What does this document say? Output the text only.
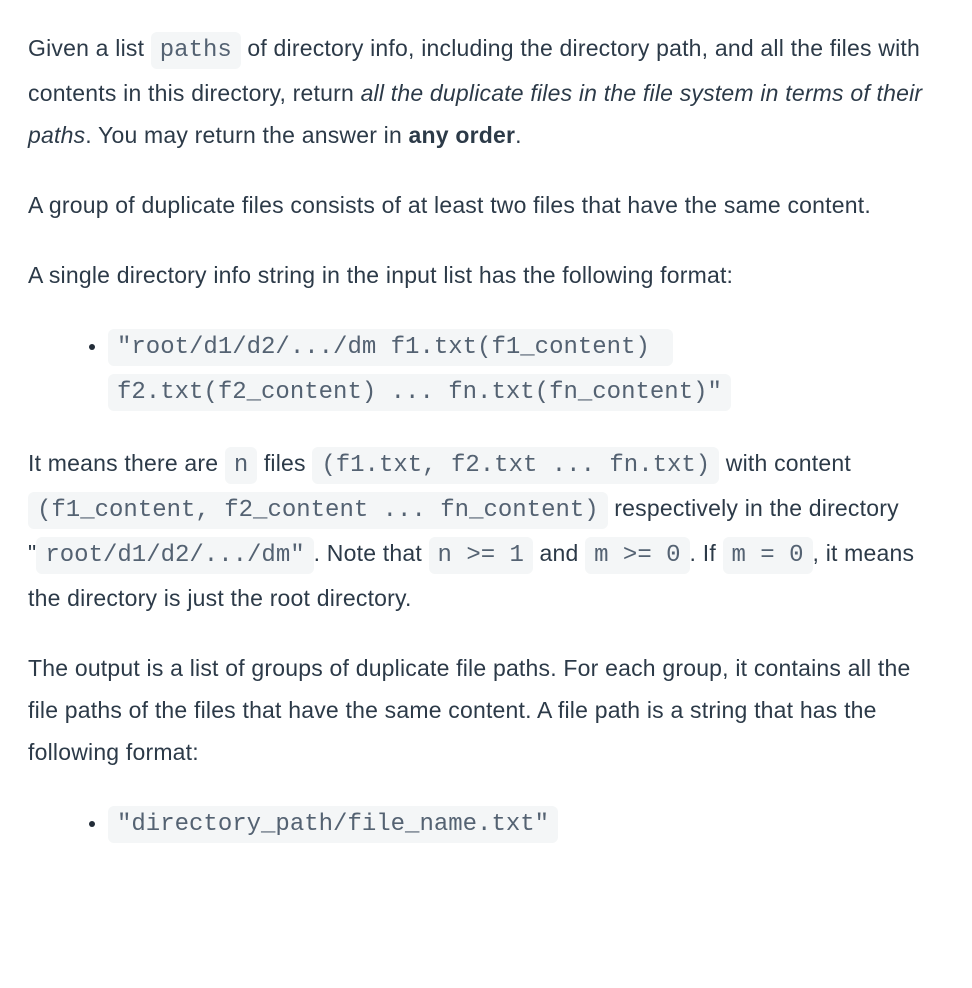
Given a list paths of directory info, including the directory path, and all the files with contents in this directory, return all the duplicate files in the file system in terms of their paths. You may return the answer in any order.

A group of duplicate files consists of at least two files that have the same content.

A single directory info string in the input list has the following format:

• "root/d1/d2/.../dm f1.txt(f1_content) f2.txt(f2_content) ... fn.txt(fn_content)"

It means there are n files (f1.txt, f2.txt ... fn.txt) with content (f1_content, f2_content ... fn_content) respectively in the directory " root/d1/d2/.../dm" . Note that n >= 1 and m >= 0 . If m = 0 , it means the directory is just the root directory.

The output is a list of groups of duplicate file paths. For each group, it contains all the file paths of the files that have the same content. A file path is a string that has the following format:

• "directory_path/file_name.txt"
